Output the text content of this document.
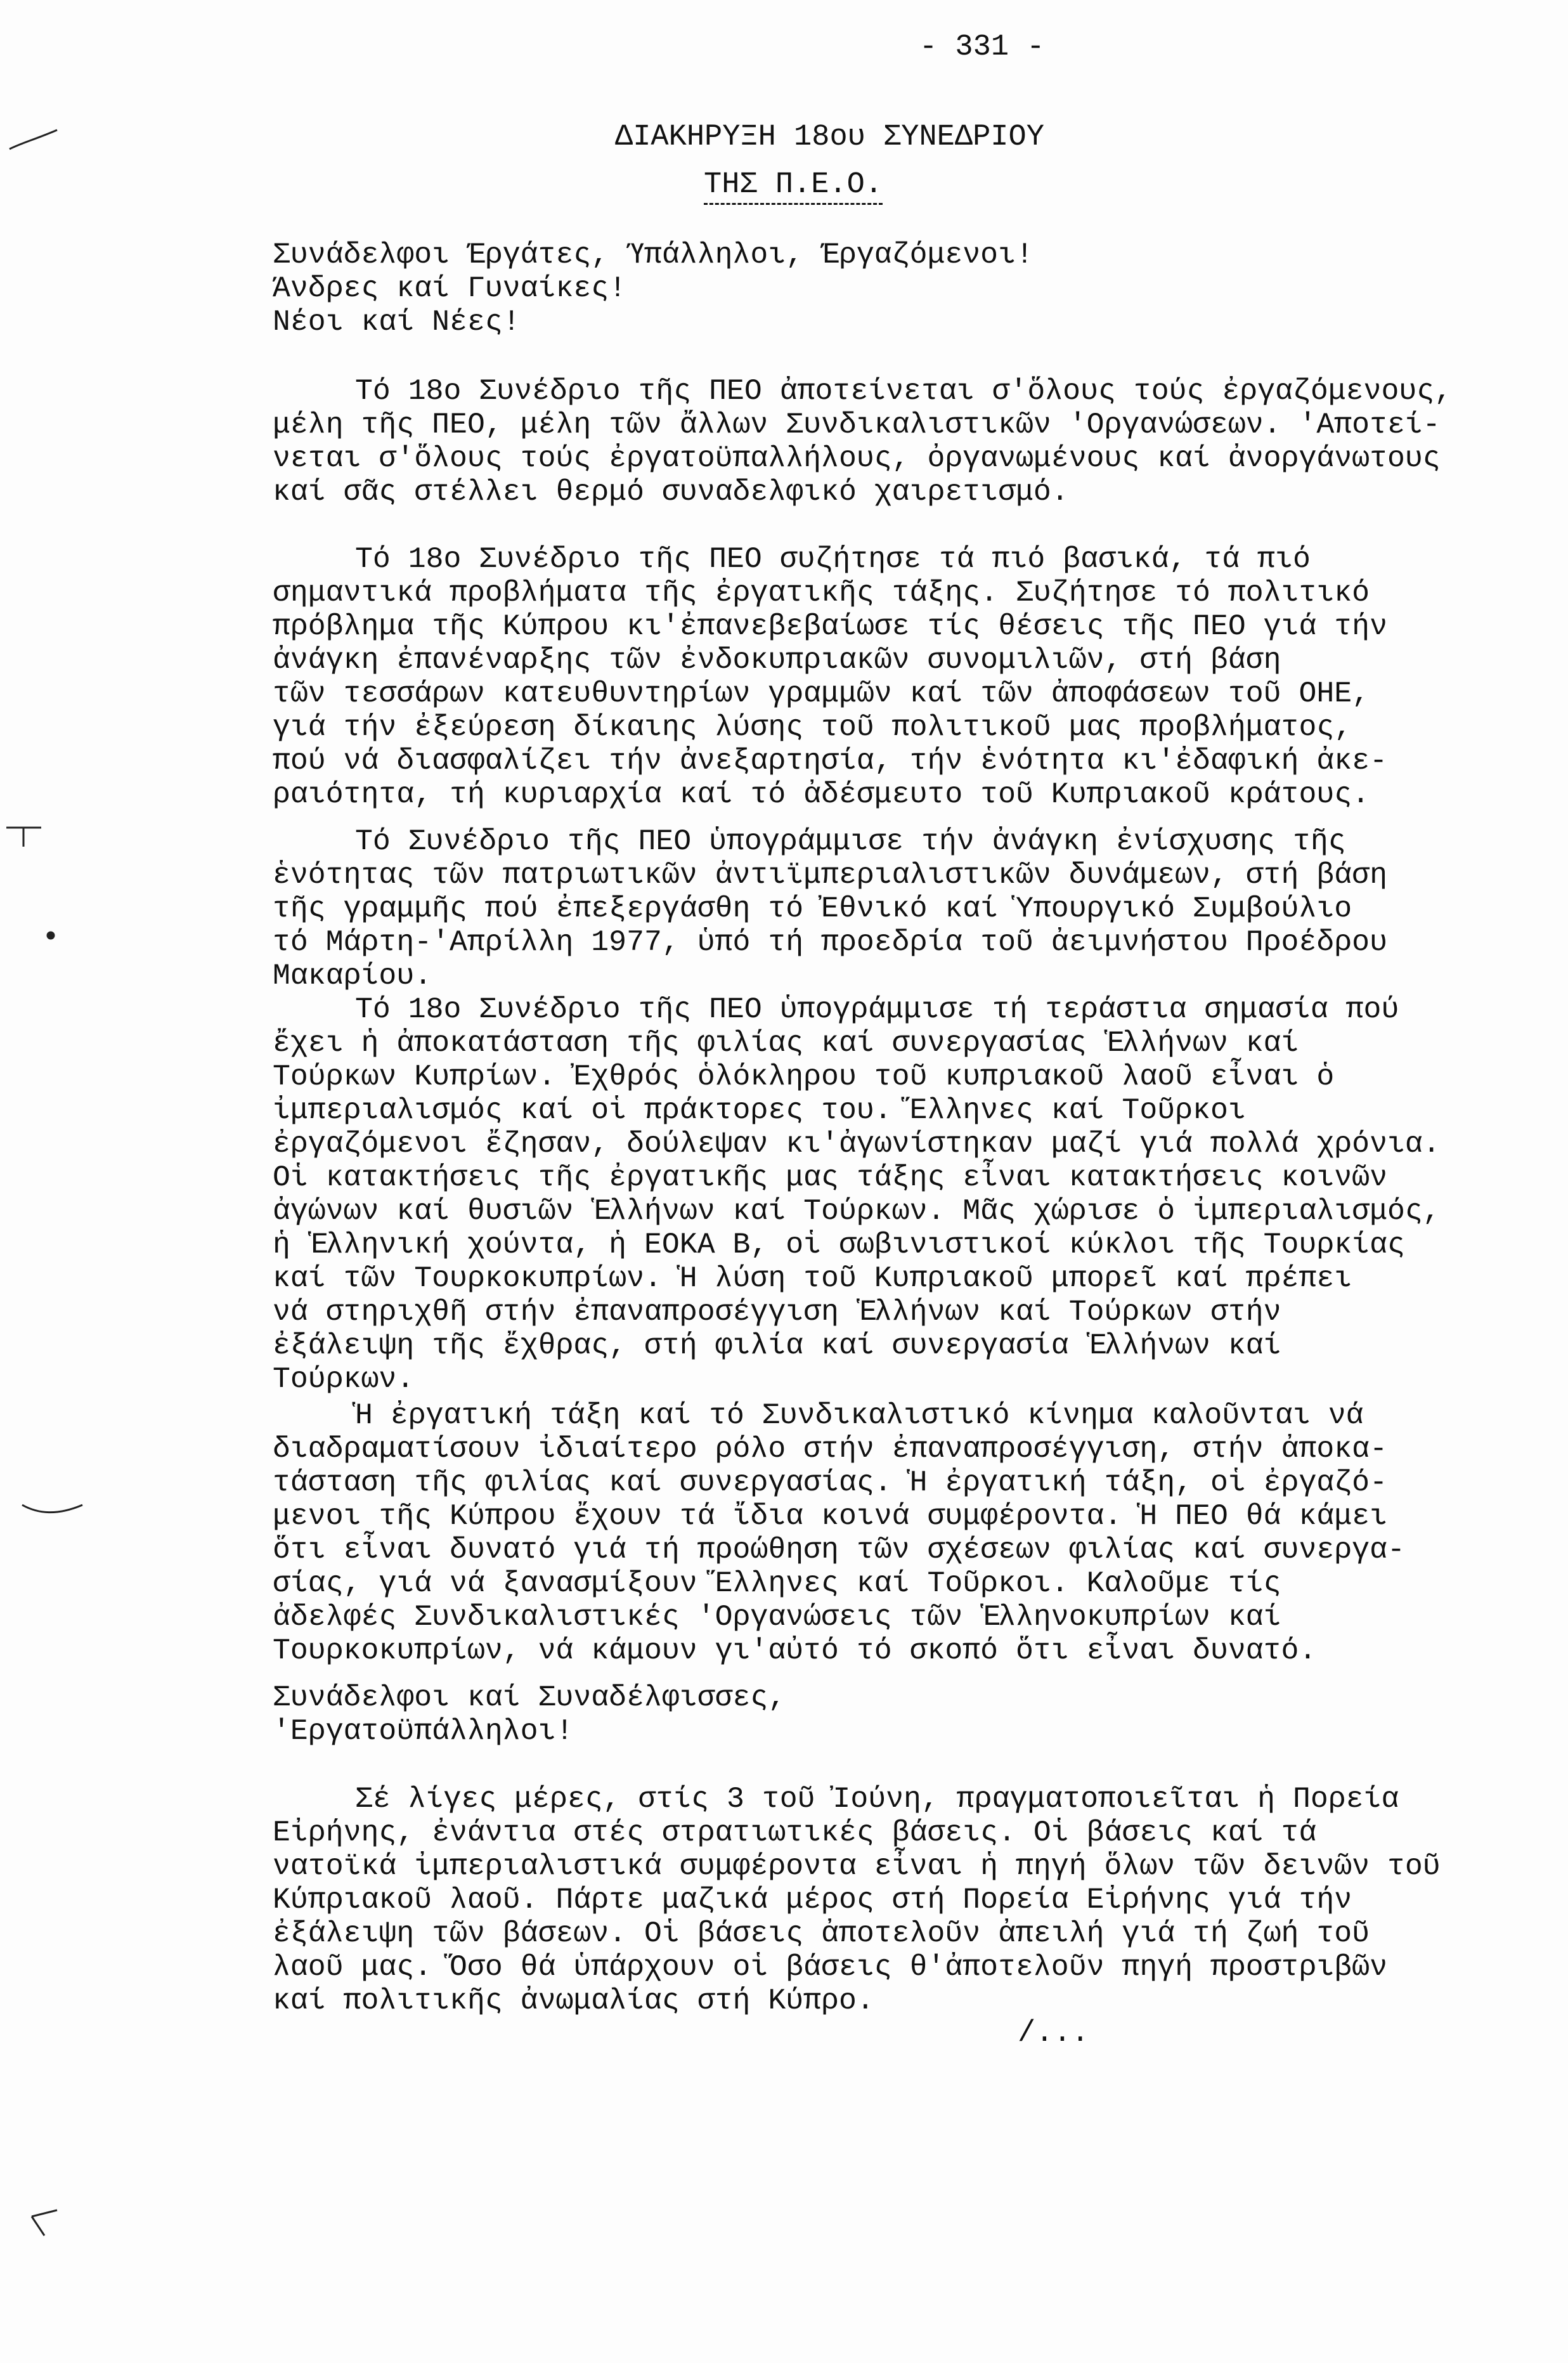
- 331 -
ΔΙΑΚΗΡΥΞΗ 18ου ΣΥΝΕΔΡΙΟΥ
ΤΗΣ Π.Ε.Ο.
Συνάδελφοι Έργάτες, Ύπάλληλοι, Έργαζόμενοι!
Άνδρες καί Γυναίκες!
Νέοι καί Νέες!
Τό 18ο Συνέδριο τῆς ΠΕΟ ἀποτείνεται σ'ὅλους τούς ἐργαζόμενους,
μέλη τῆς ΠΕΟ, μέλη τῶν ἄλλων Συνδικαλιστικῶν 'Οργανώσεων. 'Αποτεί-
νεται σ'ὅλους τούς ἐργατοϋπαλλήλους, ὀργανωμένους καί ἀνοργάνωτους
καί σᾶς στέλλει θερμό συναδελφικό χαιρετισμό.
Τό 18ο Συνέδριο τῆς ΠΕΟ συζήτησε τά πιό βασικά, τά πιό
σημαντικά προβλήματα τῆς ἐργατικῆς τάξης. Συζήτησε τό πολιτικό
πρόβλημα τῆς Κύπρου κι'ἐπανεβεβαίωσε τίς θέσεις τῆς ΠΕΟ γιά τήν
ἀνάγκη ἐπανέναρξης τῶν ἐνδοκυπριακῶν συνομιλιῶν, στή βάση
τῶν τεσσάρων κατευθυντηρίων γραμμῶν καί τῶν ἀποφάσεων τοῦ ΟΗΕ,
γιά τήν ἐξεύρεση δίκαιης λύσης τοῦ πολιτικοῦ μας προβλήματος,
πού νά διασφαλίζει τήν ἀνεξαρτησία, τήν ἑνότητα κι'ἐδαφική ἀκε-
ραιότητα, τή κυριαρχία καί τό ἀδέσμευτο τοῦ Κυπριακοῦ κράτους.
Τό Συνέδριο τῆς ΠΕΟ ὑπογράμμισε τήν ἀνάγκη ἐνίσχυσης τῆς
ἑνότητας τῶν πατριωτικῶν ἀντιϊμπεριαλιστικῶν δυνάμεων, στή βάση
τῆς γραμμῆς πού ἐπεξεργάσθη τό Ἐθνικό καί Ὑπουργικό Συμβούλιο
τό Μάρτη-'Απρίλλη 1977, ὑπό τή προεδρία τοῦ ἀειμνήστου Προέδρου
Μακαρίου.
Τό 18ο Συνέδριο τῆς ΠΕΟ ὑπογράμμισε τή τεράστια σημασία πού
ἔχει ἡ ἀποκατάσταση τῆς φιλίας καί συνεργασίας Ἑλλήνων καί
Τούρκων Κυπρίων. Ἐχθρός ὁλόκληρου τοῦ κυπριακοῦ λαοῦ εἶναι ὁ
ἰμπεριαλισμός καί οἱ πράκτορες του. Ἕλληνες καί Τοῦρκοι
ἐργαζόμενοι ἔζησαν, δούλεψαν κι'ἀγωνίστηκαν μαζί γιά πολλά χρόνια.
Οἱ κατακτήσεις τῆς ἐργατικῆς μας τάξης εἶναι κατακτήσεις κοινῶν
ἀγώνων καί θυσιῶν Ἑλλήνων καί Τούρκων. Μᾶς χώρισε ὁ ἰμπεριαλισμός,
ἡ Ἑλληνική χούντα, ἡ ΕΟΚΑ Β, οἱ σωβινιστικοί κύκλοι τῆς Τουρκίας
καί τῶν Τουρκοκυπρίων. Ἡ λύση τοῦ Κυπριακοῦ μπορεῖ καί πρέπει
νά στηριχθῆ στήν ἐπαναπροσέγγιση Ἑλλήνων καί Τούρκων στήν
ἐξάλειψη τῆς ἔχθρας, στή φιλία καί συνεργασία Ἑλλήνων καί
Τούρκων.
Ἡ ἐργατική τάξη καί τό Συνδικαλιστικό κίνημα καλοῦνται νά
διαδραματίσουν ἰδιαίτερο ρόλο στήν ἐπαναπροσέγγιση, στήν ἀποκα-
τάσταση τῆς φιλίας καί συνεργασίας. Ἡ ἐργατική τάξη, οἱ ἐργαζό-
μενοι τῆς Κύπρου ἔχουν τά ἴδια κοινά συμφέροντα. Ἡ ΠΕΟ θά κάμει
ὅτι εἶναι δυνατό γιά τή προώθηση τῶν σχέσεων φιλίας καί συνεργα-
σίας, γιά νά ξανασμίξουν Ἕλληνες καί Τοῦρκοι. Καλοῦμε τίς
ἀδελφές Συνδικαλιστικές 'Οργανώσεις τῶν Ἑλληνοκυπρίων καί
Τουρκοκυπρίων, νά κάμουν γι'αὐτό τό σκοπό ὅτι εἶναι δυνατό.
Συνάδελφοι καί Συναδέλφισσες,
'Εργατοϋπάλληλοι!
Σέ λίγες μέρες, στίς 3 τοῦ Ἰούνη, πραγματοποιεῖται ἡ Πορεία
Εἰρήνης, ἐνάντια στές στρατιωτικές βάσεις. Οἱ βάσεις καί τά
νατοϊκά ἰμπεριαλιστικά συμφέροντα εἶναι ἡ πηγή ὅλων τῶν δεινῶν τοῦ
Κύπριακοῦ λαοῦ. Πάρτε μαζικά μέρος στή Πορεία Εἰρήνης γιά τήν
ἐξάλειψη τῶν βάσεων. Οἱ βάσεις ἀποτελοῦν ἀπειλή γιά τή ζωή τοῦ
λαοῦ μας. Ὅσο θά ὑπάρχουν οἱ βάσεις θ'ἀποτελοῦν πηγή προστριβῶν
καί πολιτικῆς ἀνωμαλίας στή Κύπρο.
/...
